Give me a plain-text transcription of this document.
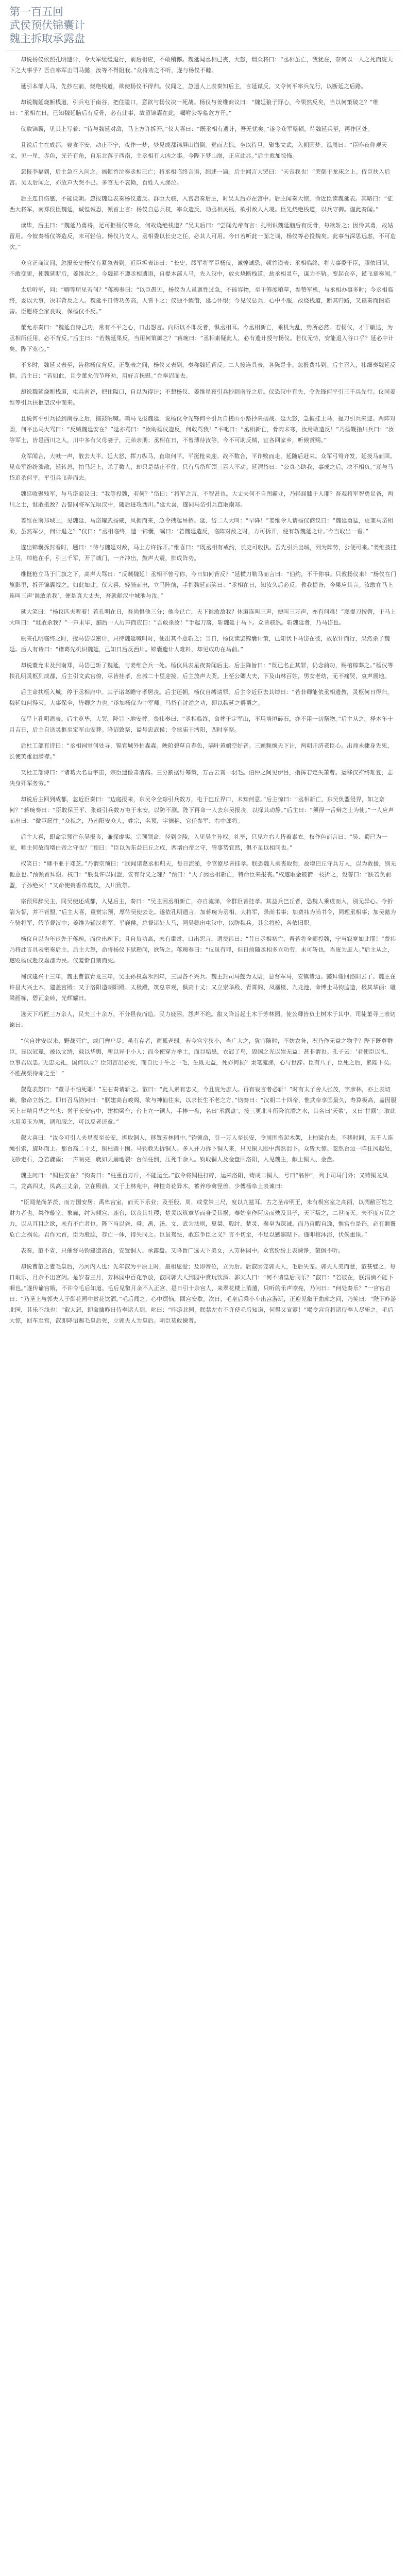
第一百五回
武侯预伏锦囊计
魏主拆取承露盘

却说杨仪依照孔明遗计，令大军缓缓退行，前后相应，不敢稍懈。魏延闻丞相已丧，大怒，谓众将曰：“丞相虽亡，我犹在，奈何以一人之死而废天下之大事乎？吾自率军击司马懿，汝等不得阻我。”众将劝之不听，遂与杨仪不睦。

延引本部人马，先抄在前，烧绝栈道，欲使杨仪不得归。仪闻之，急遣人上表奏知后主，言延谋反，又令何平率兵先行，以断延之后路。

却说魏延烧断栈道，引兵屯于南谷，把住隘口，意欲与杨仪决一死战。杨仪与姜维商议曰：“魏延狼子野心，今果然反矣，当以何策破之？”维曰：“丞相在日，已知魏延脑后有反骨，必有此事，故留锦囊在此，嘱咐公等临危方开。”

仪取锦囊，见其上写着：“待与魏延对敌，马上方许拆开。”仪大喜曰：“既丞相有遗计，吾无忧矣。”遂令众军整顿，待魏延兵至，再作区处。

且说后主在成都，寝食不安，动止不宁，夜作一梦，梦见成都锦屏山崩倒。觉而大惊，坐以待旦，聚集文武，入朝圆梦。谯周曰：“臣昨夜仰观天文，见一星，赤色，光芒有角，自东北落于西南，主丞相有大凶之事。今陛下梦山崩，正应此兆。”后主愈加惊怖。

忽报李福到，后主急召入问之。福顿首泣奏丞相已亡；将丞相临终言语，细述一遍。后主闻言大哭曰：“天丧我也！”哭倒于龙床之上。侍臣扶入后宫。吴太后闻之，亦放声大哭不已。多官无不哀恸，百姓人人涕泣。

后主连日伤感，不能设朝。忽报魏延表奏杨仪造反。群臣大骇，入宫启奏后主，时吴太后亦在宫中。后主闻奏大惊，命近臣读魏延表。其略曰：“征西大将军、南郑侯臣魏延，诚惶诚恐，顿首上言：杨仪自总兵权，率众造反，劫丞相灵柩，欲引敌人入境。臣先烧绝栈道，以兵守御。谨此奏闻。”

读毕，后主曰：“魏延乃勇将，足可拒杨仪等众，何故烧绝栈道？”吴太后曰：“尝闻先帝有言：孔明识魏延脑后有反骨，每欲斩之；因怜其勇，故姑留用。今彼奏杨仪等造反，未可轻信。杨仪乃文人，丞相委以长史之任，必其人可用。今日若听此一面之词，杨仪等必投魏矣。此事当深思远虑，不可造次。”

众官正商议间，忽报长史杨仪有紧急表到。近臣拆表读曰：“长史、绥军将军臣杨仪，诚惶诚恐，顿首谨表：丞相临终，将大事委于臣，照依旧制，不敢变更，使魏延断后，姜维次之。今魏延不遵丞相遗语，自提本部人马，先入汉中，放火烧断栈道，劫丞相灵车，谋为不轨。变起仓卒，谨飞章奏闻。”

太后听毕，问：“卿等所见若何？”蒋琬奏曰：“以臣愚见，杨仪为人虽禀性过急，不能容物，至于筹度粮草，参赞军机，与丞相办事多时；今丞相临终，委以大事，决非背反之人。魏延平日恃功务高，人皆下之；仪独不假借，延心怀恨；今见仪总兵，心中不服，故烧栈道，断其归路，又诬奏而图陷害。臣愿将全家良贱，保杨仪不反。”

董允亦奏曰：“魏延自恃己功，常有不平之心，口出怨言。向所以不即反者，惧丞相耳。今丞相新亡，乘机为乱，势所必然。若杨仪，才干敏达，为丞相所任用，必不背反。”后主曰：“若魏延果反，当用何策御之？”蒋琬曰：“丞相素疑此人，必有遗计授与杨仪。若仪无恃，安能退入谷口乎？延必中计矣。陛下宽心。”

不多时，魏延又表至，告称杨仪背反。正览表之间，杨仪又表到，奏称魏延背反。二人接连具表，各陈是非。忽报费祎到。后主召入，祎细奏魏延反情。后主曰：“若如此，且令董允假节释劝，用好言抚慰。”允奉诏而去。

却说魏延烧断栈道，屯兵南谷，把住隘口，自以为得计；不想杨仪、姜维星夜引兵抄到南谷之后。仪恐汉中有失，令先锋何平引三千兵先行。仪同姜维等引兵扶柩望汉中而来。

且说何平引兵径到南谷之后，擂鼓呐喊。哨马飞报魏延，说杨仪令先锋何平引兵自槎山小路抄来搦战。延大怒，急披挂上马，提刀引兵来迎。两阵对圆，何平出马大骂曰：“反贼魏延安在？”延亦骂曰：“汝助杨仪造反，何敢骂我！”平叱曰：“丞相新亡，骨肉未寒，汝焉敢造反！”乃扬鞭指川兵曰：“汝等军士，皆是西川之人，川中多有父母妻子，兄弟亲朋；丞相在日，不曾薄待汝等，今不可助反贼，宜各回家乡，听候赏赐。”

众军闻言，大喊一声，散去大半。延大怒，挥刀纵马，直取何平。平挺枪来迎。战不数合，平诈败而走，延随后赶来。众军弓弩齐发，延拨马而回。见众军纷纷溃散，延转怒，拍马赶上，杀了数人，却只是禁止不住；只有马岱所领三百人不动。延谓岱曰：“公真心助我，事成之后，决不相负。”遂与马岱追杀何平。平引兵飞奔而去。

魏延收聚残军，与马岱商议曰：“我等投魏，若何？”岱曰：“将军之言，不智甚也。大丈夫何不自图霸业，乃轻屈膝于人耶？吾观将军智勇足备，两川之士，谁敢抵敌？吾誓同将军先取汉中，随后进攻西川。”延大喜，遂同马岱引兵直取南郑。

姜维在南郑城上，见魏延、马岱耀武扬威，风拥而来，急令拽起吊桥。延、岱二人大叫：“早降！”姜维令人请杨仪商议曰：“魏延勇猛，更兼马岱相助，虽然军少，何计退之？”仪曰：“丞相临终，遗一锦囊，嘱曰：‘若魏延造反，临阵对敌之时，方可拆开，便有斩魏延之计。’今当取出一看。”

遂出锦囊拆封看时，题曰：“待与魏延对敌，马上方许拆开。”维喜曰：“既丞相有戒约，长史可收执。吾先引兵出城，列为阵势，公便可来。”姜维披挂上马，绰枪在手，引三千军，开了城门，一齐冲出，鼓声大震，排成阵势。

维挺枪立马于门旗之下，高声大骂曰：“反贼魏延！丞相不曾亏你，今日如何背反？”延横刀勒马而言曰：“伯约，不干你事。只教杨仪来！”杨仪在门旗影里，拆开锦囊视之，如此如此。仪大喜，轻骑而出，立马阵前，手指魏延而笑曰：“丞相在日，知汝久后必反，教我提备，今果应其言。汝敢在马上连叫三声‘谁敢杀我’，便是真大丈夫，吾就献汉中城池与汝。”

延大笑曰：“杨仪匹夫听着！若孔明在日，吾尚惧他三分；他今已亡，天下谁敢敌我？休道连叫三声，便叫三万声，亦有何难！”遂提刀按辔，于马上大叫曰：“谁敢杀我？”一声未毕，脑后一人厉声而应曰：“吾敢杀汝！”手起刀落，斩魏延于马下。众皆骇然。斩魏延者，乃马岱也。

原来孔明临终之时，授马岱以密计，只待魏延喊叫时，便出其不意斩之；当日，杨仪读罢锦囊计策，已知伏下马岱在彼，故依计而行，果然杀了魏延。后人有诗曰：“诸葛先机识魏延，已知日后反西川。锦囊遗计人难料，却见成功在马前。”

却说董允未及到南郑，马岱已斩了魏延，与姜维合兵一处。杨仪具表星夜奏闻后主。后主降旨曰：“既已名正其罪，仍念前功，赐棺椁葬之。”杨仪等扶孔明灵柩到成都，后主引文武官僚，尽皆挂孝，出城二十里迎接。后主放声大哭。上至公卿大夫，下及山林百姓，男女老幼，无不痛哭，哀声震地。

后主命扶柩入城，停于丞相府中。其子诸葛瞻守孝居丧。后主还朝，杨仪自缚请罪。后主令近臣去其缚曰：“若非卿能依丞相遗教，灵柩何日得归，魏延如何得灭。大事保全，皆卿之力也。”遂加杨仪为中军师。马岱有讨逆之功，即以魏延之爵爵之。

仪呈上孔明遗表。后主览毕，大哭。降旨卜地安葬。费祎奏曰：“丞相临终，命葬于定军山，不用墙垣砖石，亦不用一切祭物。”后主从之。择本年十月吉日，后主自送灵柩至定军山安葬。降诏致祭，谥号忠武侯；令建庙于沔阳，四时享祭。

后杜工部有诗曰：“丞相祠堂何处寻，锦官城外柏森森。映阶碧草自春色，隔叶黄鹂空好音。三顾频烦天下计，两朝开济老臣心。出师未捷身先死，长使英雄泪满襟。”

又杜工部诗曰：“诸葛大名垂宇宙，宗臣遗像肃清高。三分割据纡筹策，万古云霄一羽毛。伯仲之间见伊吕，指挥若定失萧曹。运移汉祚终难复，志决身歼军务劳。”

却说后主回到成都，忽近臣奏曰：“边庭报来，东吴令全琮引兵数万，屯于巴丘界口，未知何意。”后主惊曰：“丞相新亡，东吴负盟侵界，如之奈何？”蒋琬奏曰：“臣敢保王平、张嶷引兵数万屯于永安，以防不测。陛下再命一人去东吴报丧，以探其动静。”后主曰：“须得一舌辩之士为使。”一人应声而出曰：“微臣愿往。”众视之，乃南阳安众人，姓宗，名预，字德艳，官任参军、右中郎将。

后主大喜，即命宗预往东吴报丧，兼探虚实。宗预领命，径到金陵，入见吴主孙权。礼毕，只见左右人皆着素衣。权作色而言曰：“吴、蜀已为一家，卿主何故而增白帝之守也？”预曰：“臣以为东益巴丘之戍，西增白帝之守，皆事势宜然，俱不足以相问也。”

权笑曰：“卿不亚于邓芝。”乃谓宗预曰：“朕闻诸葛丞相归天，每日流涕，令官僚尽皆挂孝。朕恐魏人乘丧取蜀，故增巴丘守兵万人，以为救援，别无他意也。”预顿首拜谢。权曰：“朕既许以同盟，安有背义之理？”预曰：“天子因丞相新亡，特命臣来报丧。”权遂取金铍箭一枝折之，设誓曰：“朕若负前盟，子孙绝灭！”又命使赍香帛奠仪，入川致祭。

宗预拜辞吴主，同吴使还成都，入见后主，奏曰：“吴主因丞相新亡，亦自流涕，令群臣皆挂孝。其益兵巴丘者，恐魏人乘虚而入，别无异心。今折箭为誓，并不背盟。”后主大喜，重赏宗预，厚待吴使去讫。遂依孔明遗言，加蒋琬为丞相、大将军，录尚书事；加费祎为尚书令，同理丞相事；加吴懿为车骑将军，假节督汉中；姜维为辅汉将军、平襄侯，总督诸处人马，同吴懿出屯汉中，以防魏兵。其余将校，各依旧职。

杨仪自以为年宦先于蒋琬，而位出琬下；且自负功高，未有重赏，口出怨言，谓费祎曰：“昔日丞相初亡，吾若将全师投魏，宁当寂寞如此耶！”费祎乃将此言具表密奏后主。后主大怒，命将杨仪下狱勘问，欲斩之。蒋琬奏曰：“仪虽有罪，但日前随丞相多立功劳，未可斩也，当废为庶人。”后主从之，遂贬杨仪赴汉嘉郡为民。仪羞惭自刎而死。

蜀汉建兴十三年，魏主曹叡青龙三年，吴主孙权嘉禾四年，三国各不兴兵。魏主封司马懿为太尉，总督军马，安镇诸边。懿拜谢回洛阳去了。魏主在许昌大兴土木，建盖宫殿；又于洛阳造朝阳殿、太极殿，筑总章观，俱高十丈；又立崇华殿、青霄阁、凤凰楼、九龙池，命博士马钧监造，极其华丽：雕梁画栋，碧瓦金砖，光辉耀日。

选天下巧匠三万余人，民夫三十余万，不分昼夜而造。民力疲困，怨声不绝。叡又降旨起土木于芳林园，使公卿皆负土树木于其中。司徒董寻上表切谏曰：

“伏自建安以来，野战死亡，或门殚户尽；虽有存者，遗孤老弱。若今宫室狭小，当广大之，犹宜随时，不妨农务，况乃作无益之物乎？陛下既尊群臣，显以冠冕，被以文绣，载以华舆，所以异于小人；而今使穿方举土，面目垢黑，衣冠了鸟，毁国之光以崇无益：甚非谓也。孔子云：‘君使臣以礼，臣事君以忠。’无忠无礼，国何以立？臣知言出必死，而自比于牛之一毛，生既无益，死亦何损？秉笔流涕，心与世辞。臣有八子，臣死之后，累陛下矣。不胜战栗待命之至！”

叡览表怒曰：“董寻不怕死耶！”左右奏请斩之。叡曰：“此人素有忠义，今且废为庶人。再有妄言者必斩！”时有太子舍人张茂，字彦林，亦上表切谏，叡命立斩之。即日召马钧问曰：“朕建高台峻阁，欲与神仙往来，以求长生不老之方。”钧奏曰：“汉朝二十四帝，惟武帝享国最久，寿算极高，盖因服天上日精月华之气也：尝于长安宫中，建柏梁台；台上立一铜人，手捧一盘，名曰‘承露盘’，接三更北斗所降沆瀣之水，其名曰‘天浆’，又曰‘甘露’。取此水用美玉为屑，调和服之，可以反老还童。”

叡大喜曰：“汝今可引人夫星夜至长安，拆取铜人，移置芳林园中。”钧领命，引一万人至长安，令周围搭起木架，上柏梁台去。不移时间，五千人连绳引索，旋环而上。那台高二十丈，铜柱圆十围。马钧教先拆铜人。多人并力拆下铜人来，只见铜人眼中潸然泪下。众皆大惊。忽然台边一阵狂风起处，飞砂走石，急若骤雨；一声响亮，就如天崩地裂：台倾柱倒，压死千余人。钧取铜人及金盘回洛阳，入见魏主，献上铜人、金盘。

魏主问曰：“铜柱安在？”钧奏曰：“柱重百万斤，不能运至。”叡令将铜柱打碎，运来洛阳，铸成二铜人，号曰“翁仲”，列于司马门外；又铸铜龙凤二，龙高四丈，凤高三丈余，立在殿前。又于上林苑中，种植奇花异木，蓄养珍禽怪兽。少傅杨阜上表谏曰：

“臣闻尧尚茅茨，而万国安居；禹卑宫室，而天下乐业；及至殷、周，或堂崇三尺，度以九筵耳。古之圣帝明王，未有极宫室之高丽，以凋敝百姓之财力者也。桀作璇室、象廊，纣为倾宫、鹿台，以丧其社稷；楚灵以筑章华而身受其祸；秦始皇作阿房而殃及其子，天下叛之，二世而灭。夫不度万民之力，以从耳目之欲，未有不亡者也。陛下当以尧、舜、禹、汤、文、武为法则，夏桀、殷纣、楚灵、秦皇为深诫。而乃自暇自逸，惟宫台是饰，必有颠覆危亡之祸矣。君作元首，臣为股肱，存亡一体，得失同之。臣虽驽怯，敢忘争臣之义？言不切至，不足以感寤陛下。谨叩棺沐浴，伏俟重诛。”

表奏，叡不省，只催督马钧建造高台，安置铜人、承露盘。又降旨广选天下美女，入芳林园中。众官纷纷上表谏诤，叡俱不听。

却说曹叡之妻毛皇后，乃河内人也：先年叡为平原王时，最相恩爱；及即帝位，立为后。后叡因宠郭夫人，毛后失宠。郭夫人美而慧，叡甚嬖之，每日取乐，月余不出宫闼。是岁春三月，芳林园中百花争放，叡同郭夫人到园中赏玩饮酒。郭夫人曰：“何不请皇后同乐？”叡曰：“若彼在，朕涓滴不能下咽也。”遂传谕宫娥，不许令毛后知道。毛后见叡月余不入正宫，是日引十余宫人，来翠花楼上消遣，只听的乐声嘹亮，乃问曰：“何处奏乐？”一宫官启曰：“乃圣上与郭夫人于御花园中赏花饮酒。”毛后闻之，心中烦恼，回宫安歇。次日，毛皇后乘小车出宫游玩，正迎见叡于曲廊之间，乃笑曰：“陛下昨游北园，其乐不浅也！”叡大怒，即命擒昨日侍奉诸人到，叱曰：“昨游北园，朕禁左右不许使毛后知道，何得又宣露！”喝令宫官将诸侍奉人尽斩之。毛后大惊，回车至宫，叡即降诏赐毛皇后死，立郭夫人为皇后。朝臣莫敢谏者。
